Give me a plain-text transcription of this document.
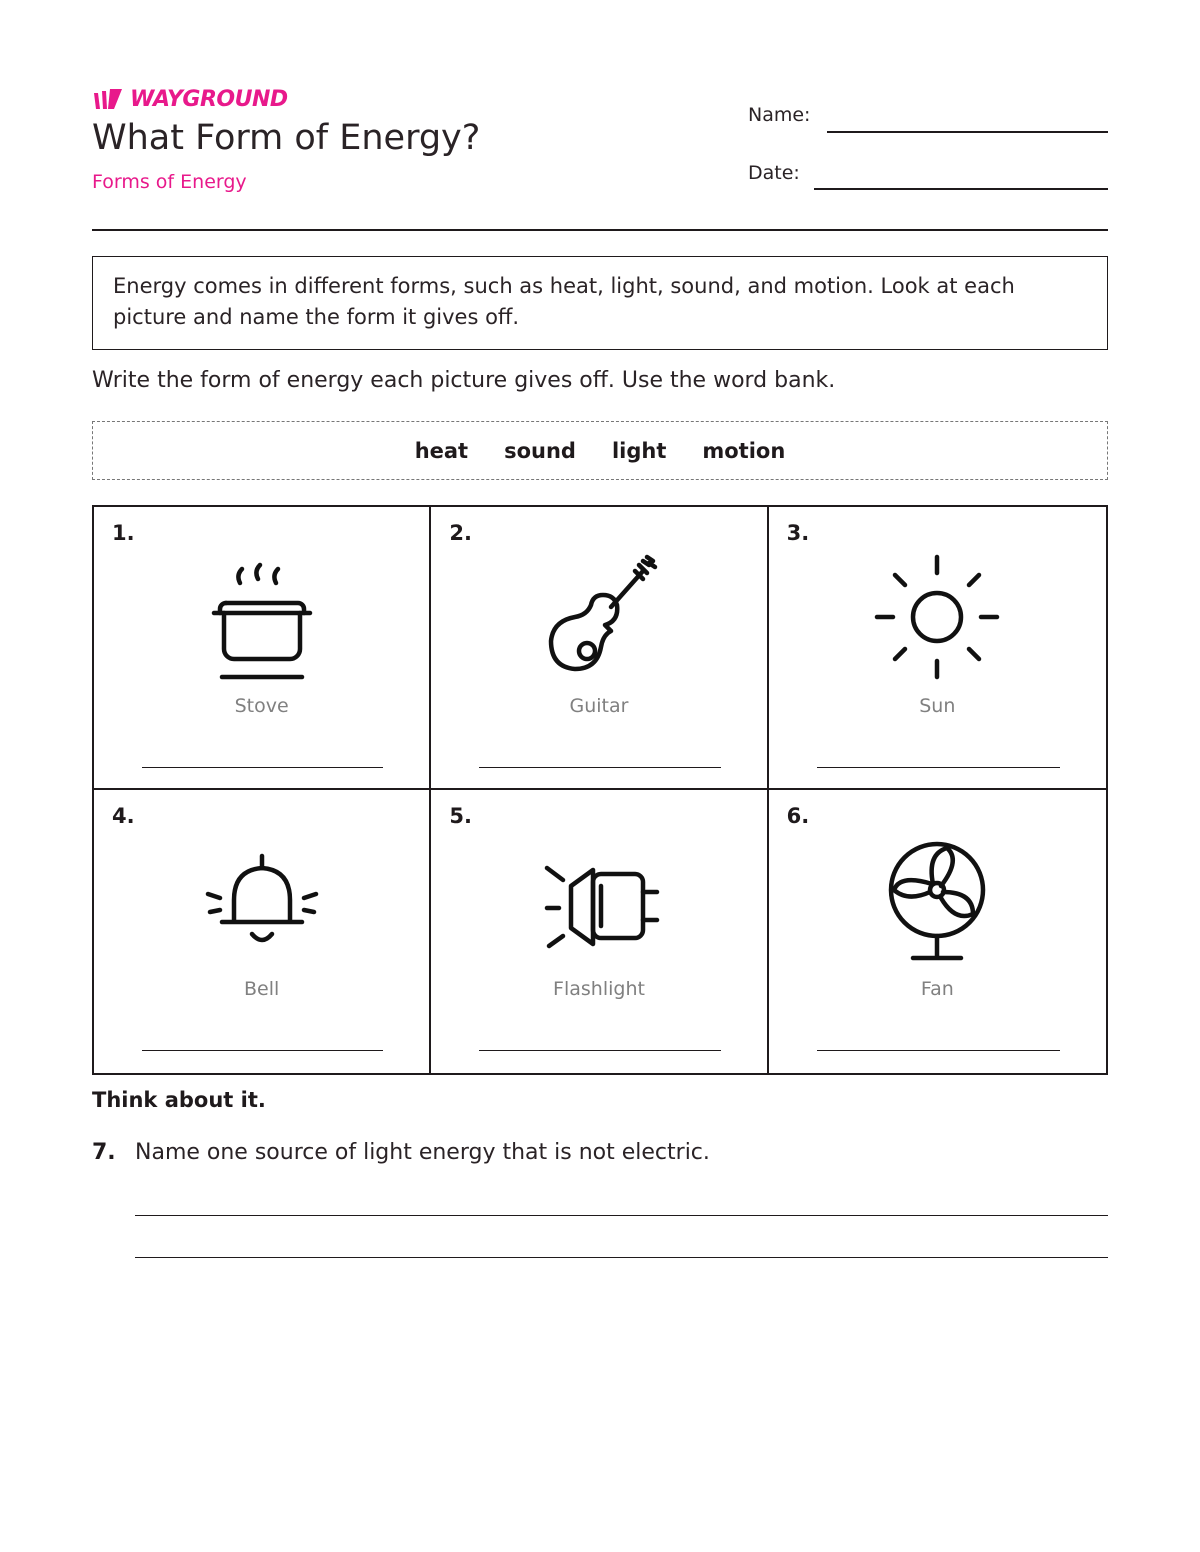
WAYGROUND
What Form of Energy?
Forms of Energy
Name:
Date:
Energy comes in different forms, such as heat, light, sound, and motion. Look at each picture and name the form it gives off.
Write the form of energy each picture gives off. Use the word bank.
heat sound light motion
1.
Stove
2.
Guitar
3.
Sun
4.
Bell
5.
Flashlight
6.
Fan
Think about it.
7. Name one source of light energy that is not electric.
